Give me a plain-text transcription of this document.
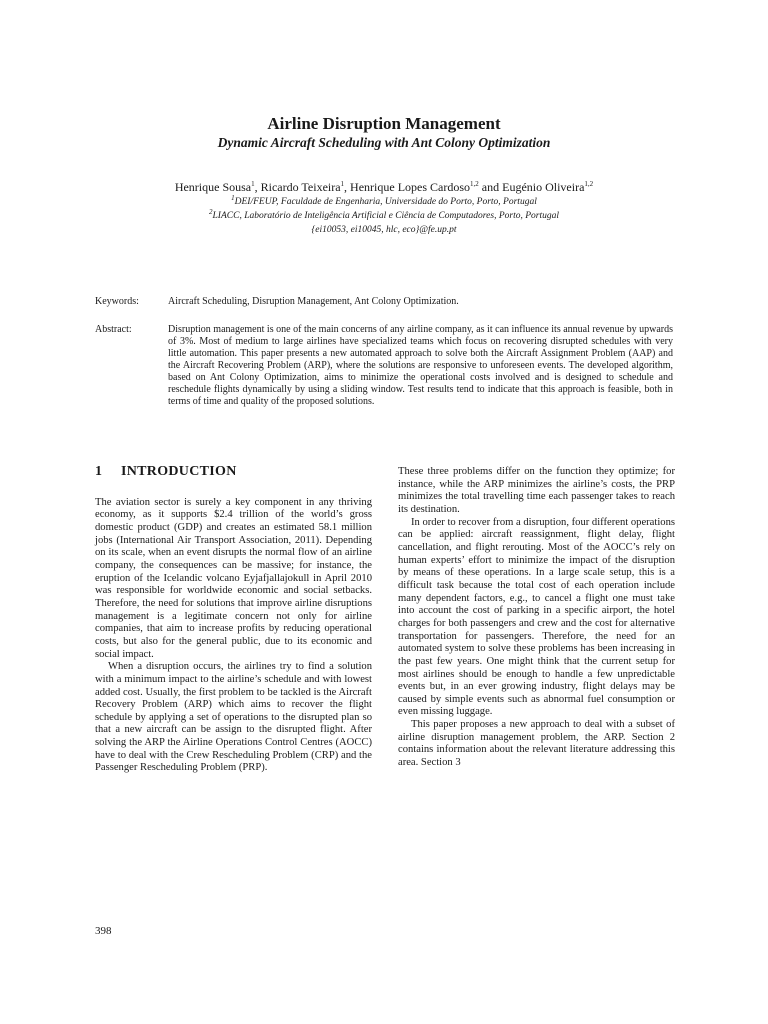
Airline Disruption Management
Dynamic Aircraft Scheduling with Ant Colony Optimization
Henrique Sousa$^1$, Ricardo Teixeira$^1$, Henrique Lopes Cardoso$^{1,2}$ and Eugénio Oliveira$^{1,2}$
$^1$DEI/FEUP, Faculdade de Engenharia, Universidade do Porto, Porto, Portugal
$^2$LIACC, Laboratório de Inteligência Artificial e Ciência de Computadores, Porto, Portugal
{ei10053, ei10045, hlc, eco}@fe.up.pt
Keywords:	Aircraft Scheduling, Disruption Management, Ant Colony Optimization.

Abstract:	Disruption management is one of the main concerns of any airline company, as it can influence its annual revenue by upwards of 3%. Most of medium to large airlines have specialized teams which focus on recovering disrupted schedules with very little automation. This paper presents a new automated approach to solve both the Aircraft Assignment Problem (AAP) and the Aircraft Recovering Problem (ARP), where the solutions are responsive to unforeseen events. The developed algorithm, based on Ant Colony Optimization, aims to minimize the operational costs involved and is designed to schedule and reschedule flights dynamically by using a sliding window. Test results tend to indicate that this approach is feasible, both in terms of time and quality of the proposed solutions.

1 INTRODUCTION

The aviation sector is surely a key component in any thriving economy, as it supports $2.4 trillion of the world’s gross domestic product (GDP) and creates an estimated 58.1 million jobs (International Air Transport Association, 2011). Depending on its scale, when an event disrupts the normal flow of an airline company, the consequences can be massive; for instance, the eruption of the Icelandic volcano Eyjafjallajokull in April 2010 was responsible for worldwide economic and social setbacks. Therefore, the need for solutions that improve airline disruptions management is a legitimate concern not only for airline companies, that aim to increase profits by reducing operational costs, but also for the general public, due to its economic and social impact.

When a disruption occurs, the airlines try to find a solution with a minimum impact to the airline’s schedule and with lowest added cost. Usually, the first problem to be tackled is the Aircraft Recovery Problem (ARP) which aims to recover the flight schedule by applying a set of operations to the disrupted plan so that a new aircraft can be assign to the disrupted flight. After solving the ARP the Airline Operations Control Centres (AOCC) have to deal with the Crew Rescheduling Problem (CRP) and the Passenger Rescheduling Problem (PRP).

These three problems differ on the function they optimize; for instance, while the ARP minimizes the airline’s costs, the PRP minimizes the total travelling time each passenger takes to reach its destination.

In order to recover from a disruption, four different operations can be applied: aircraft reassignment, flight delay, flight cancellation, and flight rerouting. Most of the AOCC’s rely on human experts’ effort to minimize the impact of the disruption by means of these operations. In a large scale setup, this is a difficult task because the total cost of each operation include many dependent factors, e.g., to cancel a flight one must take into account the cost of parking in a specific airport, the hotel charges for both passengers and crew and the cost for alternative transportation for passengers. Therefore, the need for an automated system to solve these problems has been increasing in the past few years. One might think that the current setup for most airlines should be enough to handle a few unpredictable events but, in an ever growing industry, flight delays may be caused by simple events such as abnormal fuel consumption or even missing luggage.

This paper proposes a new approach to deal with a subset of airline disruption management problem, the ARP. Section 2 contains information about the relevant literature addressing this area. Section 3

398
